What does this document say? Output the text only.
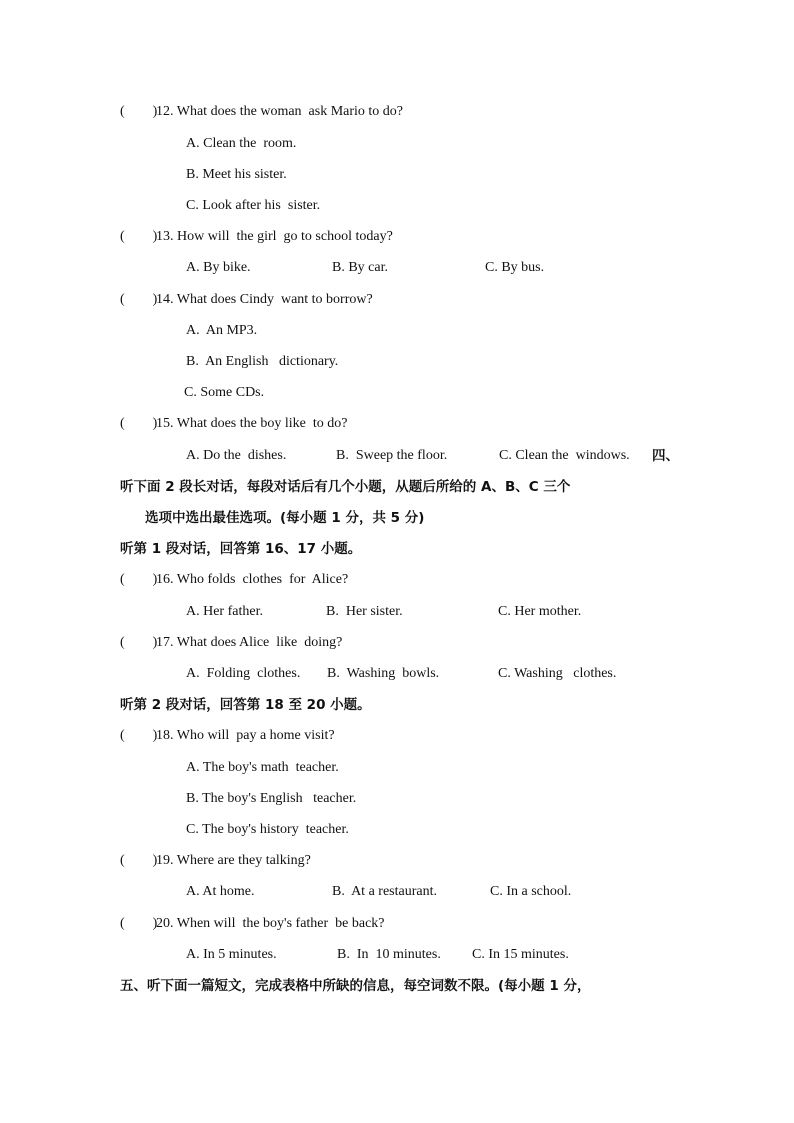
(        )12. What does the woman  ask Mario to do?
A. Clean the  room.
B. Meet his sister.
C. Look after his  sister.
(        )13. How will  the girl  go to school today?
A. By bike.	B. By car.	C. By bus.
(        )14. What does Cindy  want to borrow?
A.  An MP3.
B.  An English   dictionary.
C. Some CDs.
(        )15. What does the boy like  to do?
A. Do the  dishes.	B.  Sweep the floor.	C. Clean the  windows. 四、
听下面 2 段长对话，每段对话后有几个小题，从题后所给的 A、B、C 三个
选项中选出最佳选项。(每小题 1 分，共 5 分)
听第 1 段对话，回答第 16、17 小题。
(        )16. Who folds  clothes  for  Alice?
A. Her father.	B.  Her sister.	C. Her mother.
(        )17. What does Alice  like  doing?
A.  Folding  clothes. B.  Washing  bowls.	C. Washing   clothes.
听第 2 段对话，回答第 18 至 20 小题。
(        )18. Who will  pay a home visit?
A. The boy's math  teacher.
B. The boy's English   teacher.
C. The boy's history  teacher.
(        )19. Where are they talking?
A. At home.	B.  At a restaurant.	C. In a school.
(        )20. When will  the boy's father  be back?
A. In 5 minutes.	B.  In  10 minutes. C. In 15 minutes.
五、听下面一篇短文，完成表格中所缺的信息，每空词数不限。(每小题 1 分，
